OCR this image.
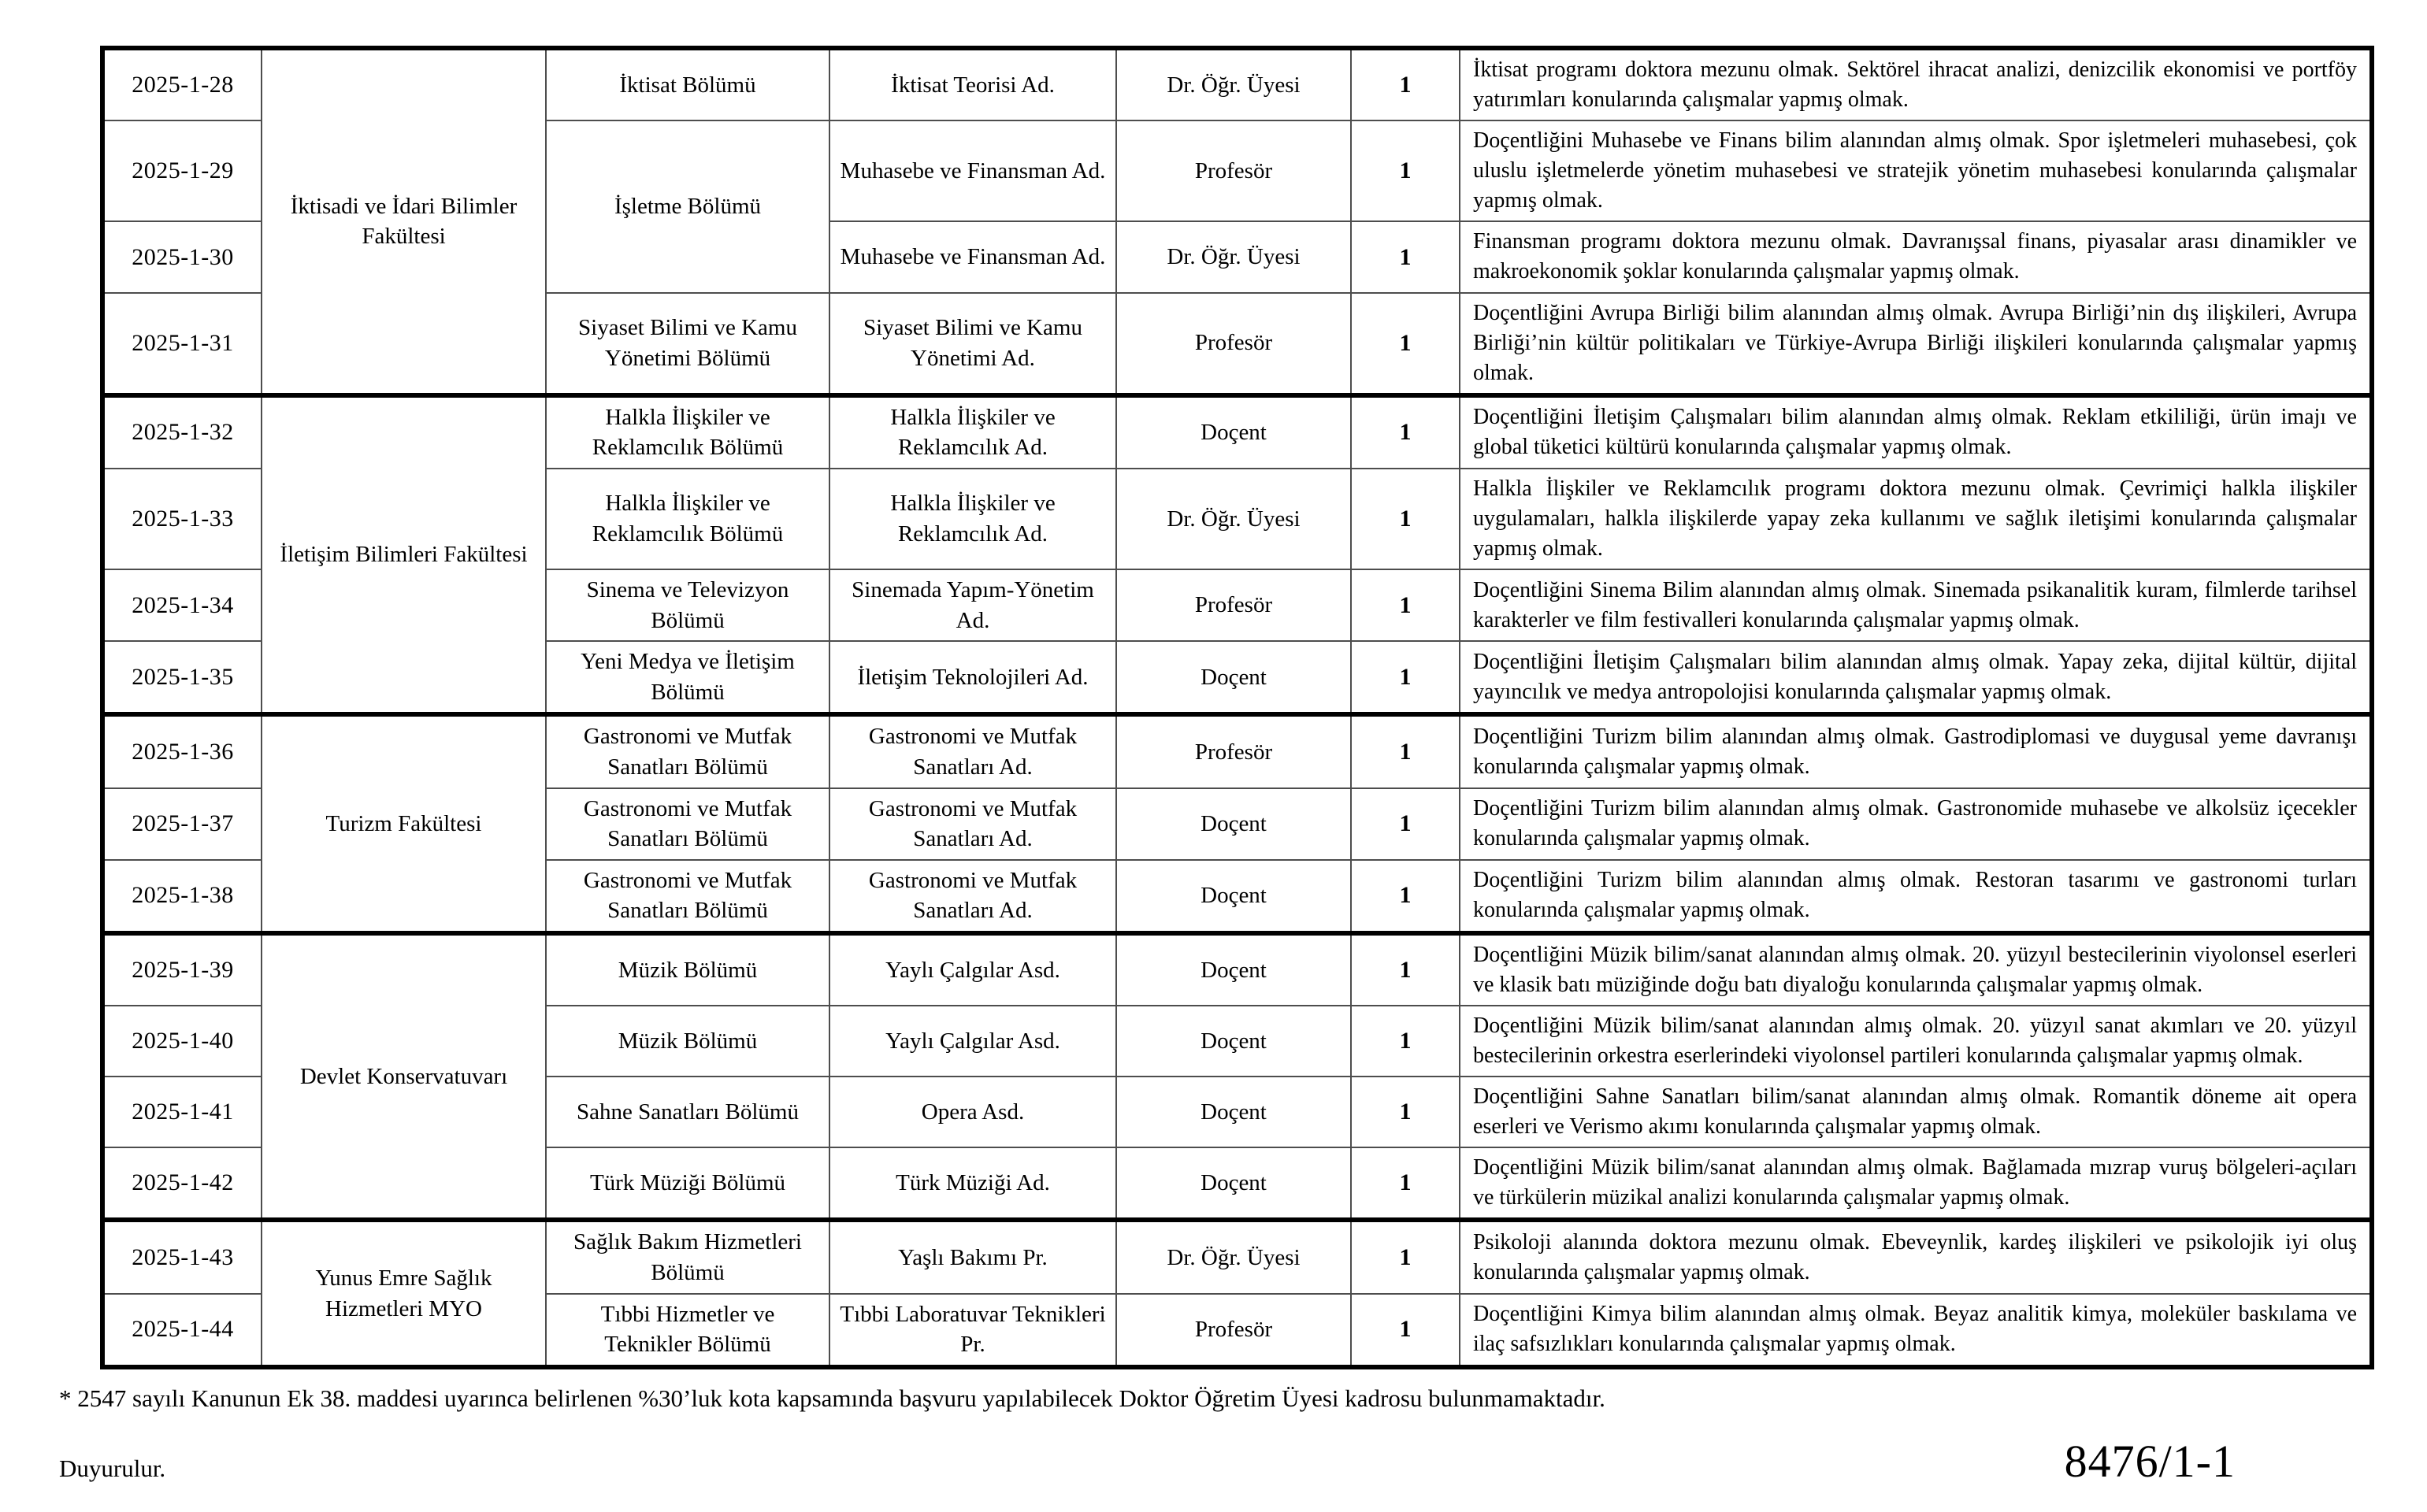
2025-1-28	İktisadi ve İdari Bilimler Fakültesi	İktisat Bölümü	İktisat Teorisi Ad.	Dr. Öğr. Üyesi	1	İktisat programı doktora mezunu olmak. Sektörel ihracat analizi, denizcilik ekonomisi ve portföy yatırımları konularında çalışmalar yapmış olmak.
2025-1-29		İşletme Bölümü	Muhasebe ve Finansman Ad.	Profesör	1	Doçentliğini Muhasebe ve Finans bilim alanından almış olmak. Spor işletmeleri muhasebesi, çok uluslu işletmelerde yönetim muhasebesi ve stratejik yönetim muhasebesi konularında çalışmalar yapmış olmak.
2025-1-30			Muhasebe ve Finansman Ad.	Dr. Öğr. Üyesi	1	Finansman programı doktora mezunu olmak. Davranışsal finans, piyasalar arası dinamikler ve makroekonomik şoklar konularında çalışmalar yapmış olmak.
2025-1-31		Siyaset Bilimi ve Kamu Yönetimi Bölümü	Siyaset Bilimi ve Kamu Yönetimi Ad.	Profesör	1	Doçentliğini Avrupa Birliği bilim alanından almış olmak. Avrupa Birliği’nin dış ilişkileri, Avrupa Birliği’nin kültür politikaları ve Türkiye-Avrupa Birliği ilişkileri konularında çalışmalar yapmış olmak.
2025-1-32	İletişim Bilimleri Fakültesi	Halkla İlişkiler ve Reklamcılık Bölümü	Halkla İlişkiler ve Reklamcılık Ad.	Doçent	1	Doçentliğini İletişim Çalışmaları bilim alanından almış olmak. Reklam etkililiği, ürün imajı ve global tüketici kültürü konularında çalışmalar yapmış olmak.
2025-1-33		Halkla İlişkiler ve Reklamcılık Bölümü	Halkla İlişkiler ve Reklamcılık Ad.	Dr. Öğr. Üyesi	1	Halkla İlişkiler ve Reklamcılık programı doktora mezunu olmak. Çevrimiçi halkla ilişkiler uygulamaları, halkla ilişkilerde yapay zeka kullanımı ve sağlık iletişimi konularında çalışmalar yapmış olmak.
2025-1-34		Sinema ve Televizyon Bölümü	Sinemada Yapım-Yönetim Ad.	Profesör	1	Doçentliğini Sinema Bilim alanından almış olmak. Sinemada psikanalitik kuram, filmlerde tarihsel karakterler ve film festivalleri konularında çalışmalar yapmış olmak.
2025-1-35		Yeni Medya ve İletişim Bölümü	İletişim Teknolojileri Ad.	Doçent	1	Doçentliğini İletişim Çalışmaları bilim alanından almış olmak. Yapay zeka, dijital kültür, dijital yayıncılık ve medya antropolojisi konularında çalışmalar yapmış olmak.
2025-1-36	Turizm Fakültesi	Gastronomi ve Mutfak Sanatları Bölümü	Gastronomi ve Mutfak Sanatları Ad.	Profesör	1	Doçentliğini Turizm bilim alanından almış olmak. Gastrodiplomasi ve duygusal yeme davranışı konularında çalışmalar yapmış olmak.
2025-1-37		Gastronomi ve Mutfak Sanatları Bölümü	Gastronomi ve Mutfak Sanatları Ad.	Doçent	1	Doçentliğini Turizm bilim alanından almış olmak. Gastronomide muhasebe ve alkolsüz içecekler konularında çalışmalar yapmış olmak.
2025-1-38		Gastronomi ve Mutfak Sanatları Bölümü	Gastronomi ve Mutfak Sanatları Ad.	Doçent	1	Doçentliğini Turizm bilim alanından almış olmak. Restoran tasarımı ve gastronomi turları konularında çalışmalar yapmış olmak.
2025-1-39	Devlet Konservatuvarı	Müzik Bölümü	Yaylı Çalgılar Asd.	Doçent	1	Doçentliğini Müzik bilim/sanat alanından almış olmak. 20. yüzyıl bestecilerinin viyolonsel eserleri ve klasik batı müziğinde doğu batı diyaloğu konularında çalışmalar yapmış olmak.
2025-1-40		Müzik Bölümü	Yaylı Çalgılar Asd.	Doçent	1	Doçentliğini Müzik bilim/sanat alanından almış olmak. 20. yüzyıl sanat akımları ve 20. yüzyıl bestecilerinin orkestra eserlerindeki viyolonsel partileri konularında çalışmalar yapmış olmak.
2025-1-41		Sahne Sanatları Bölümü	Opera Asd.	Doçent	1	Doçentliğini Sahne Sanatları bilim/sanat alanından almış olmak. Romantik döneme ait opera eserleri ve Verismo akımı konularında çalışmalar yapmış olmak.
2025-1-42		Türk Müziği Bölümü	Türk Müziği Ad.	Doçent	1	Doçentliğini Müzik bilim/sanat alanından almış olmak. Bağlamada mızrap vuruş bölgeleri-açıları ve türkülerin müzikal analizi konularında çalışmalar yapmış olmak.
2025-1-43	Yunus Emre Sağlık Hizmetleri MYO	Sağlık Bakım Hizmetleri Bölümü	Yaşlı Bakımı Pr.	Dr. Öğr. Üyesi	1	Psikoloji alanında doktora mezunu olmak. Ebeveynlik, kardeş ilişkileri ve psikolojik iyi oluş konularında çalışmalar yapmış olmak.
2025-1-44		Tıbbi Hizmetler ve Teknikler Bölümü	Tıbbi Laboratuvar Teknikleri Pr.	Profesör	1	Doçentliğini Kimya bilim alanından almış olmak. Beyaz analitik kimya, moleküler baskılama ve ilaç safsızlıkları konularında çalışmalar yapmış olmak.
* 2547 sayılı Kanunun Ek 38. maddesi uyarınca belirlenen %30’luk kota kapsamında başvuru yapılabilecek Doktor Öğretim Üyesi kadrosu bulunmamaktadır.
Duyurulur.	8476/1-1
